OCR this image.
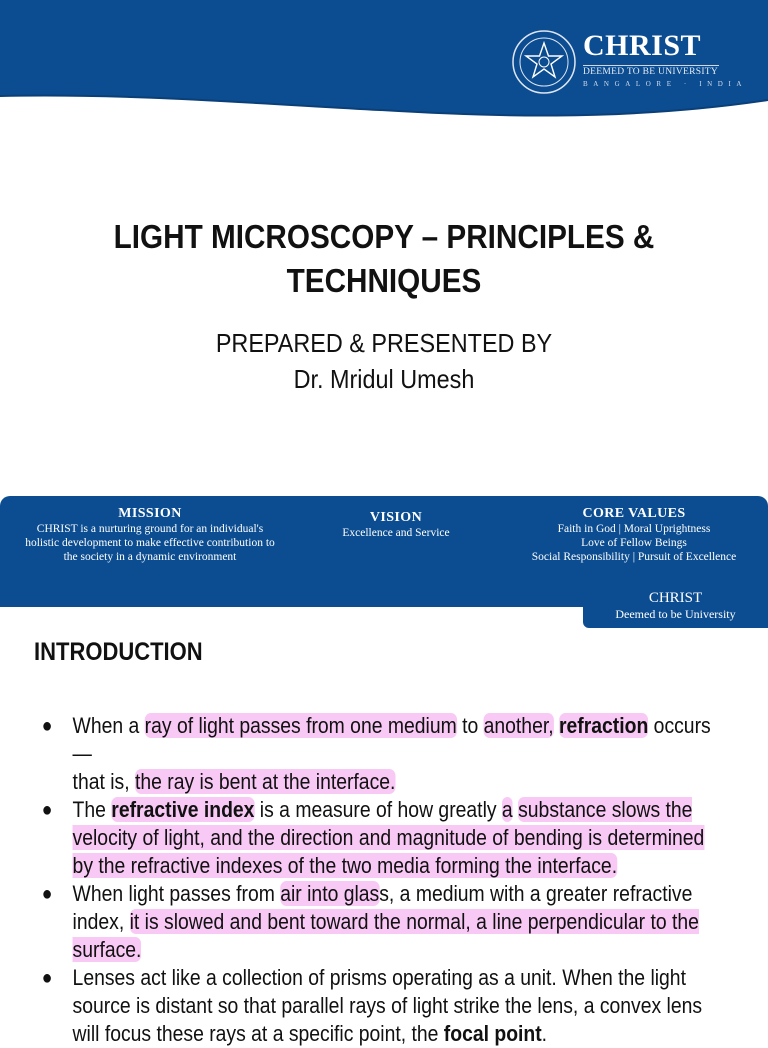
CHRIST
DEEMED TO BE UNIVERSITY
BANGALORE · INDIA
LIGHT MICROSCOPY – PRINCIPLES &
TECHNIQUES
PREPARED & PRESENTED BY
Dr. Mridul Umesh
MISSION
CHRIST is a nurturing ground for an individual's
holistic development to make effective contribution to
the society in a dynamic environment
VISION
Excellence and Service
CORE VALUES
Faith in God | Moral Uprightness
Love of Fellow Beings
Social Responsibility | Pursuit of Excellence
CHRIST
Deemed to be University
INTRODUCTION
● When a ray of light passes from one medium to another, refraction occurs—
that is, the ray is bent at the interface.
● The refractive index is a measure of how greatly a substance slows the velocity of light, and the direction and magnitude of bending is determined by the refractive indexes of the two media forming the interface.
● When light passes from air into glass, a medium with a greater refractive index, it is slowed and bent toward the normal, a line perpendicular to the surface.
● Lenses act like a collection of prisms operating as a unit. When the light source is distant so that parallel rays of light strike the lens, a convex lens will focus these rays at a specific point, the focal point.
